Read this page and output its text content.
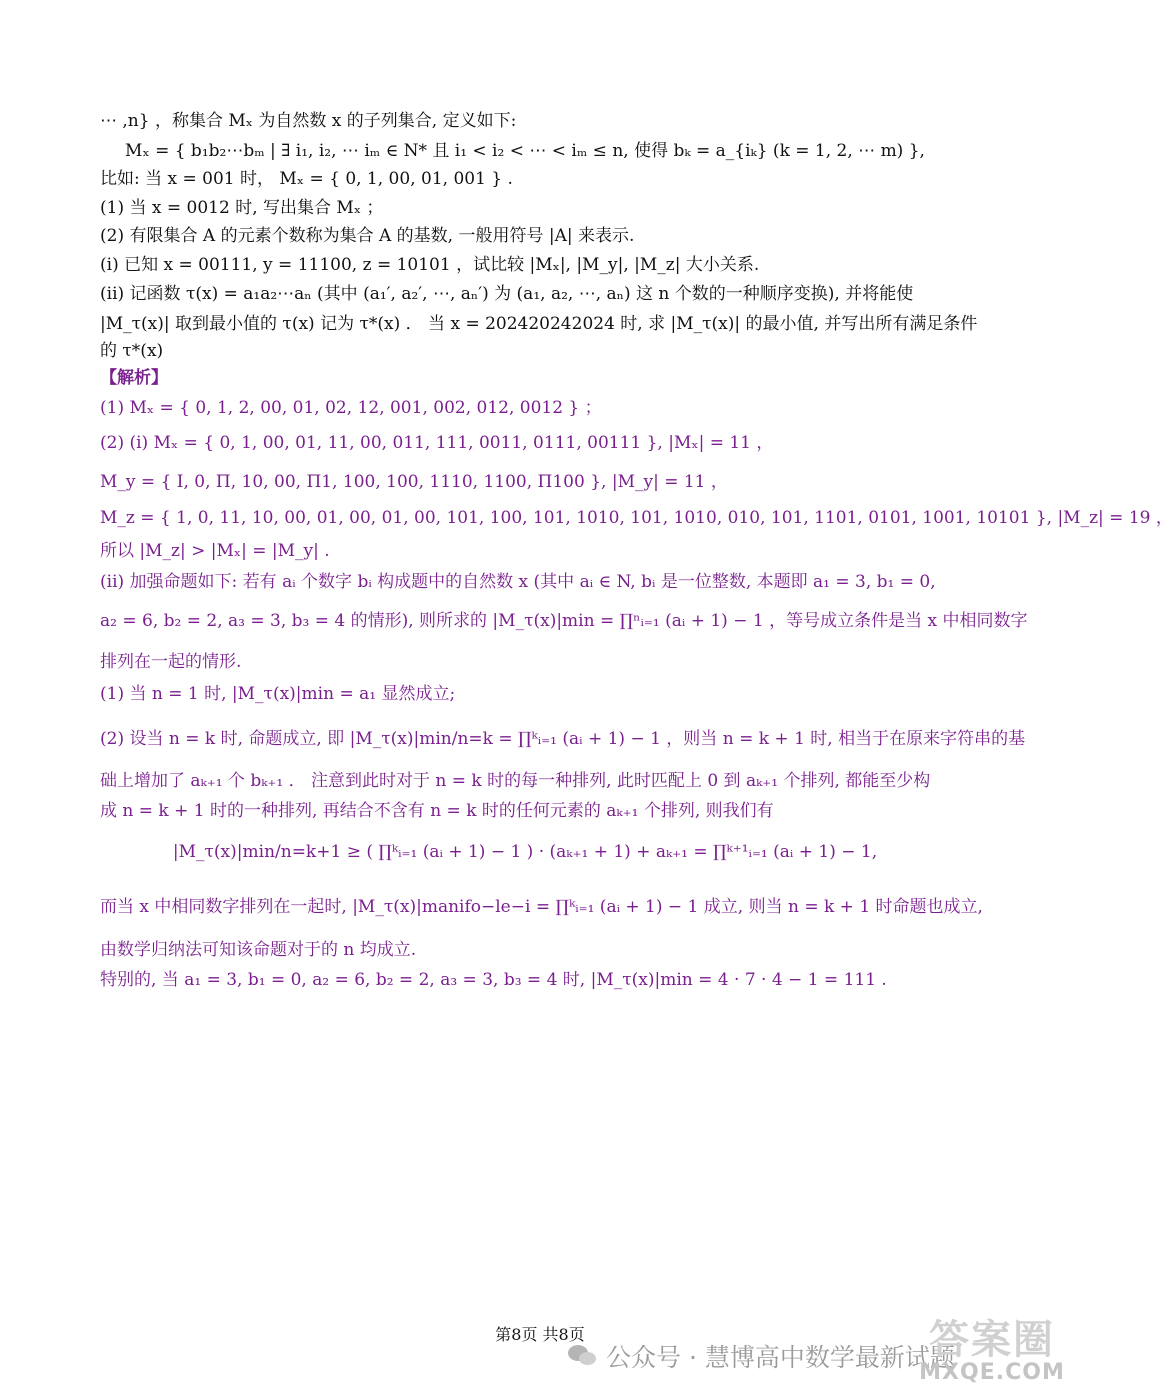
⋯ ,n} ，称集合 Mₓ 为自然数 x 的子列集合, 定义如下:
Mₓ = { b₁b₂⋯bₘ | ∃ i₁, i₂, ⋯ iₘ ∈ N* 且 i₁ < i₂ < ⋯ < iₘ ≤ n, 使得 bₖ = a_{iₖ} (k = 1, 2, ⋯ m) },
比如: 当 x = 001 时， Mₓ = { 0, 1, 00, 01, 001 } .
(1) 当 x = 0012 时, 写出集合 Mₓ ；
(2) 有限集合 A 的元素个数称为集合 A 的基数, 一般用符号 |A| 来表示.
(i) 已知 x = 00111, y = 11100, z = 10101 ，试比较 |Mₓ|, |M_y|, |M_z| 大小关系.
(ii) 记函数 τ(x) = a₁a₂⋯aₙ (其中 (a₁′, a₂′, ⋯, aₙ′) 为 (a₁, a₂, ⋯, aₙ) 这 n 个数的一种顺序变换), 并将能使
|M_τ(x)| 取到最小值的 τ(x) 记为 τ*(x) ． 当 x = 202420242024 时, 求 |M_τ(x)| 的最小值, 并写出所有满足条件
的 τ*(x)
【解析】
(1) Mₓ = { 0, 1, 2, 00, 01, 02, 12, 001, 002, 012, 0012 } ；
(2) (i) Mₓ = { 0, 1, 00, 01, 11, 00, 011, 111, 0011, 0111, 00111 }, |Mₓ| = 11 ，
M_y = { I, 0, Π, 10, 00, Π1, 100, 100, 1110, 1100, Π100 }, |M_y| = 11 ，
M_z = { 1, 0, 11, 10, 00, 01, 00, 01, 00, 101, 100, 101, 1010, 101, 1010, 010, 101, 1101, 0101, 1001, 10101 }, |M_z| = 19 ，
所以 |M_z| > |Mₓ| = |M_y| .
(ii) 加强命题如下: 若有 aᵢ 个数字 bᵢ 构成题中的自然数 x (其中 aᵢ ∈ N, bᵢ 是一位整数, 本题即 a₁ = 3, b₁ = 0,
a₂ = 6, b₂ = 2, a₃ = 3, b₃ = 4 的情形), 则所求的 |M_τ(x)|min = ∏ⁿᵢ₌₁ (aᵢ + 1) − 1 ，等号成立条件是当 x 中相同数字
排列在一起的情形.
(1) 当 n = 1 时, |M_τ(x)|min = a₁ 显然成立;
(2) 设当 n = k 时, 命题成立, 即 |M_τ(x)|min/n=k = ∏ᵏᵢ₌₁ (aᵢ + 1) − 1 ，则当 n = k + 1 时, 相当于在原来字符串的基
础上增加了 aₖ₊₁ 个 bₖ₊₁ ． 注意到此时对于 n = k 时的每一种排列, 此时匹配上 0 到 aₖ₊₁ 个排列, 都能至少构
成 n = k + 1 时的一种排列, 再结合不含有 n = k 时的任何元素的 aₖ₊₁ 个排列, 则我们有
|M_τ(x)|min/n=k+1 ≥ ( ∏ᵏᵢ₌₁ (aᵢ + 1) − 1 ) · (aₖ₊₁ + 1) + aₖ₊₁ = ∏ᵏ⁺¹ᵢ₌₁ (aᵢ + 1) − 1,
而当 x 中相同数字排列在一起时, |M_τ(x)|manifo−le−i = ∏ᵏᵢ₌₁ (aᵢ + 1) − 1 成立, 则当 n = k + 1 时命题也成立,
由数学归纳法可知该命题对于的 n 均成立.
特别的, 当 a₁ = 3, b₁ = 0, a₂ = 6, b₂ = 2, a₃ = 3, b₃ = 4 时, |M_τ(x)|min = 4 · 7 · 4 − 1 = 111 .
第8页 共8页
公众号 · 慧博高中数学最新试题
答案圈
MXQE.COM
